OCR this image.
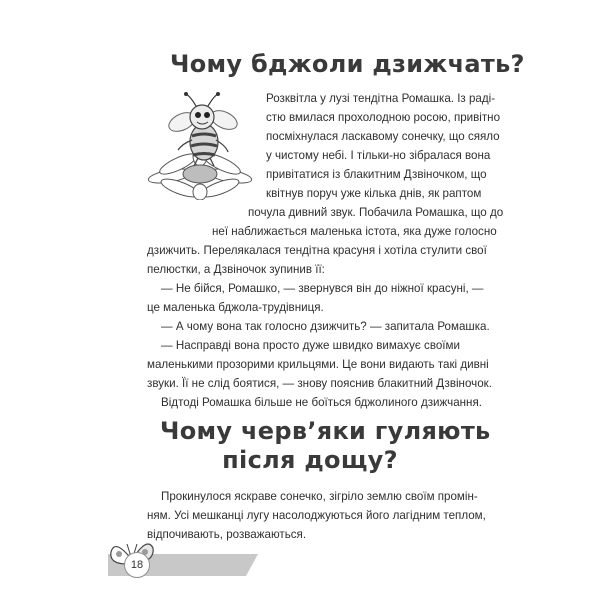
Чому бджоли дзижчать?
Розквітла у лузі тендітна Ромашка. Із раді-
стю вмилася прохолодною росою, привітно
посміхнулася ласкавому сонечку, що сяяло
у чистому небі. І тільки-но зібралася вона
привітатися із блакитним Дзвіночком, що
квітнув поруч уже кілька днів, як раптом
почула дивний звук. Побачила Ромашка, що до
неї наближається маленька істота, яка дуже голосно
дзижчить. Перелякалася тендітна красуня і хотіла стулити свої
пелюстки, а Дзвіночок зупинив її:
— Не бійся, Ромашко, — звернувся він до ніжної красуні, —
це маленька бджола-трудівниця.
— А чому вона так голосно дзижчить? — запитала Ромашка.
— Насправді вона просто дуже швидко вимахує своїми
маленькими прозорими крильцями. Це вони видають такі дивні
звуки. Її не слід боятися, — знову пояснив блакитний Дзвіночок.
Відтоді Ромашка більше не боїться бджолиного дзижчання.
Чому черв’яки гуляють
після дощу?
Прокинулося яскраве сонечко, зігріло землю своїм промін-
ням. Усі мешканці лугу насолоджуються його лагідним теплом,
відпочивають, розважаються.
18
